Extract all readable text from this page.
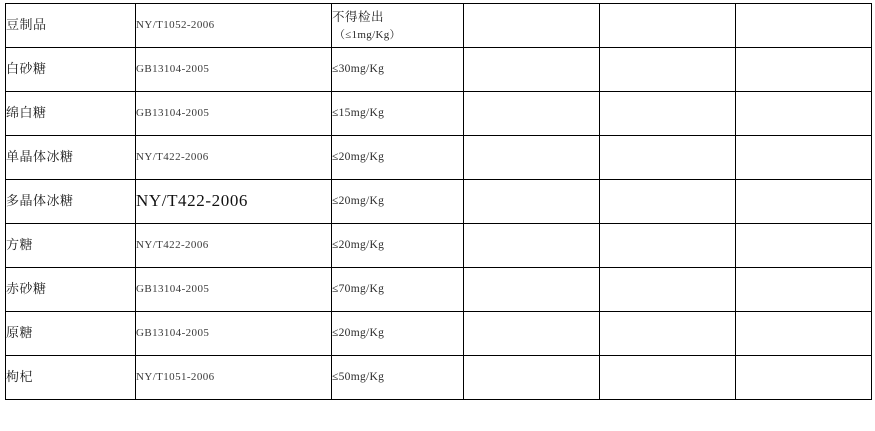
豆制品	NY/T1052-2006	不得检出
（≤1mg/Kg）			

白砂糖	GB13104-2005	≤30mg/Kg			

绵白糖	GB13104-2005	≤15mg/Kg			

单晶体冰糖	NY/T422-2006	≤20mg/Kg			

多晶体冰糖	NY/T422-2006	≤20mg/Kg			

方糖	NY/T422-2006	≤20mg/Kg			

赤砂糖	GB13104-2005	≤70mg/Kg			

原糖	GB13104-2005	≤20mg/Kg			

枸杞	NY/T1051-2006	≤50mg/Kg			
